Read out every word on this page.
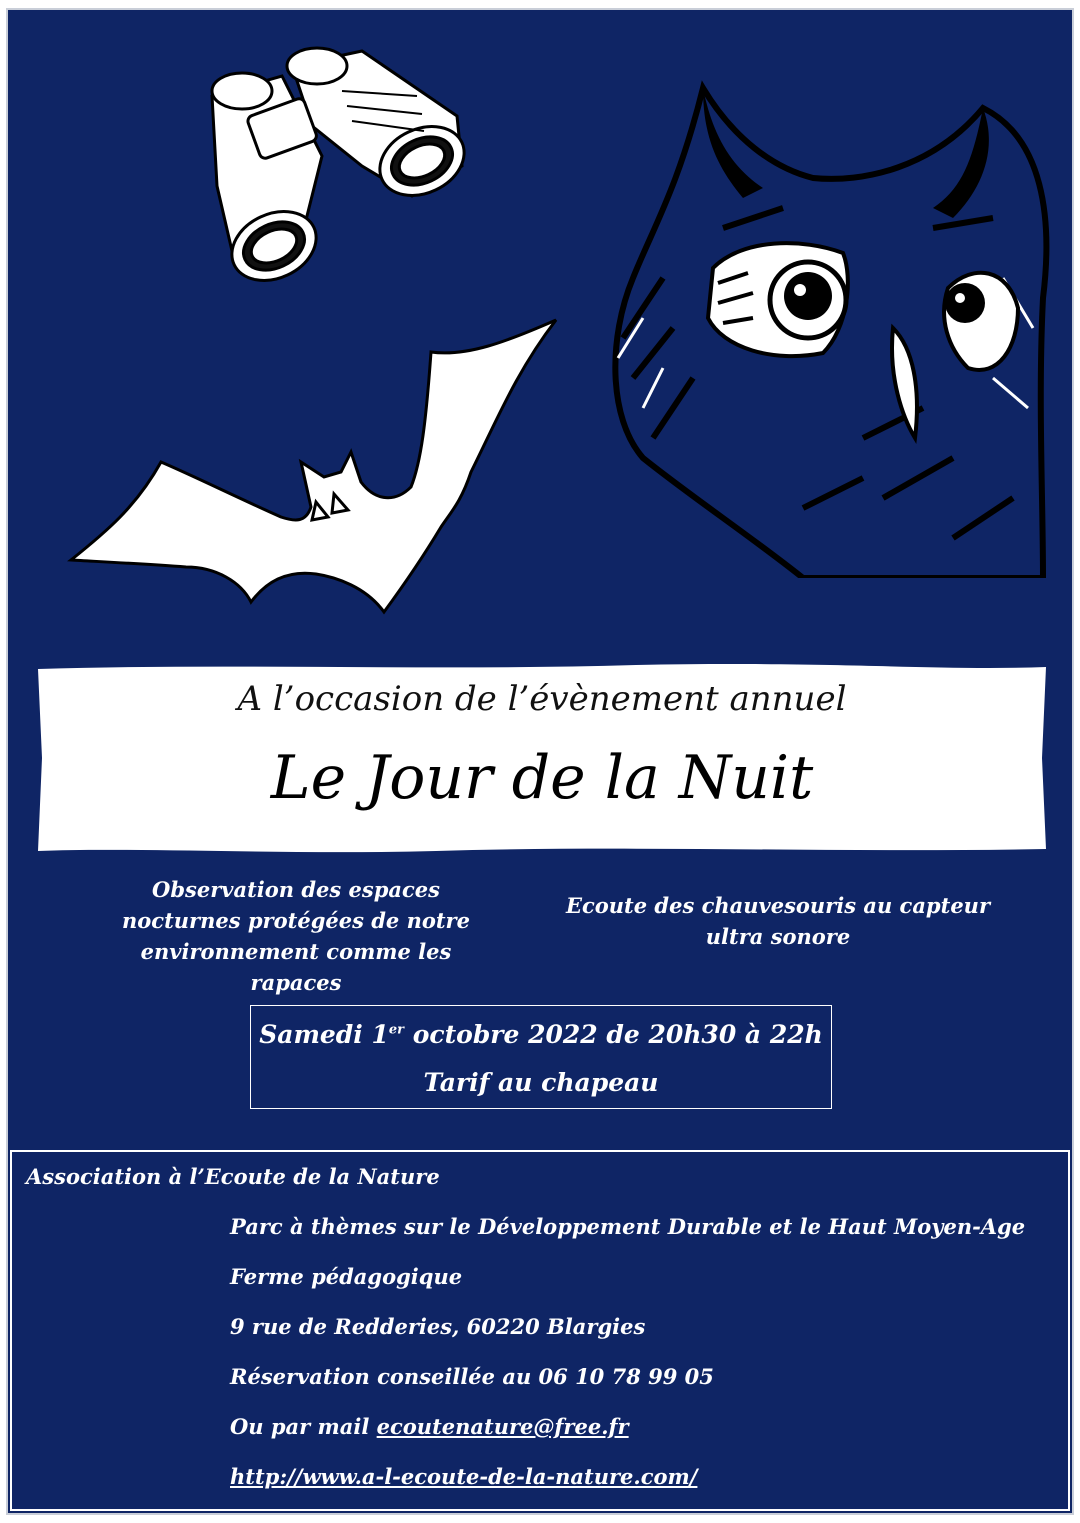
A l’occasion de l’évènement annuel
Le Jour de la Nuit
Observation des espaces nocturnes protégées de notre environnement comme les rapaces
Ecoute des chauvesouris au capteur ultra sonore
Samedi 1er octobre 2022 de 20h30 à 22h
Tarif au chapeau
Association à l’Ecoute de la Nature
Parc à thèmes sur le Développement Durable et le Haut Moyen-Age
Ferme pédagogique
9 rue de Redderies, 60220 Blargies
Réservation conseillée au 06 10 78 99 05
Ou par mail ecoutenature@free.fr
http://www.a-l-ecoute-de-la-nature.com/
